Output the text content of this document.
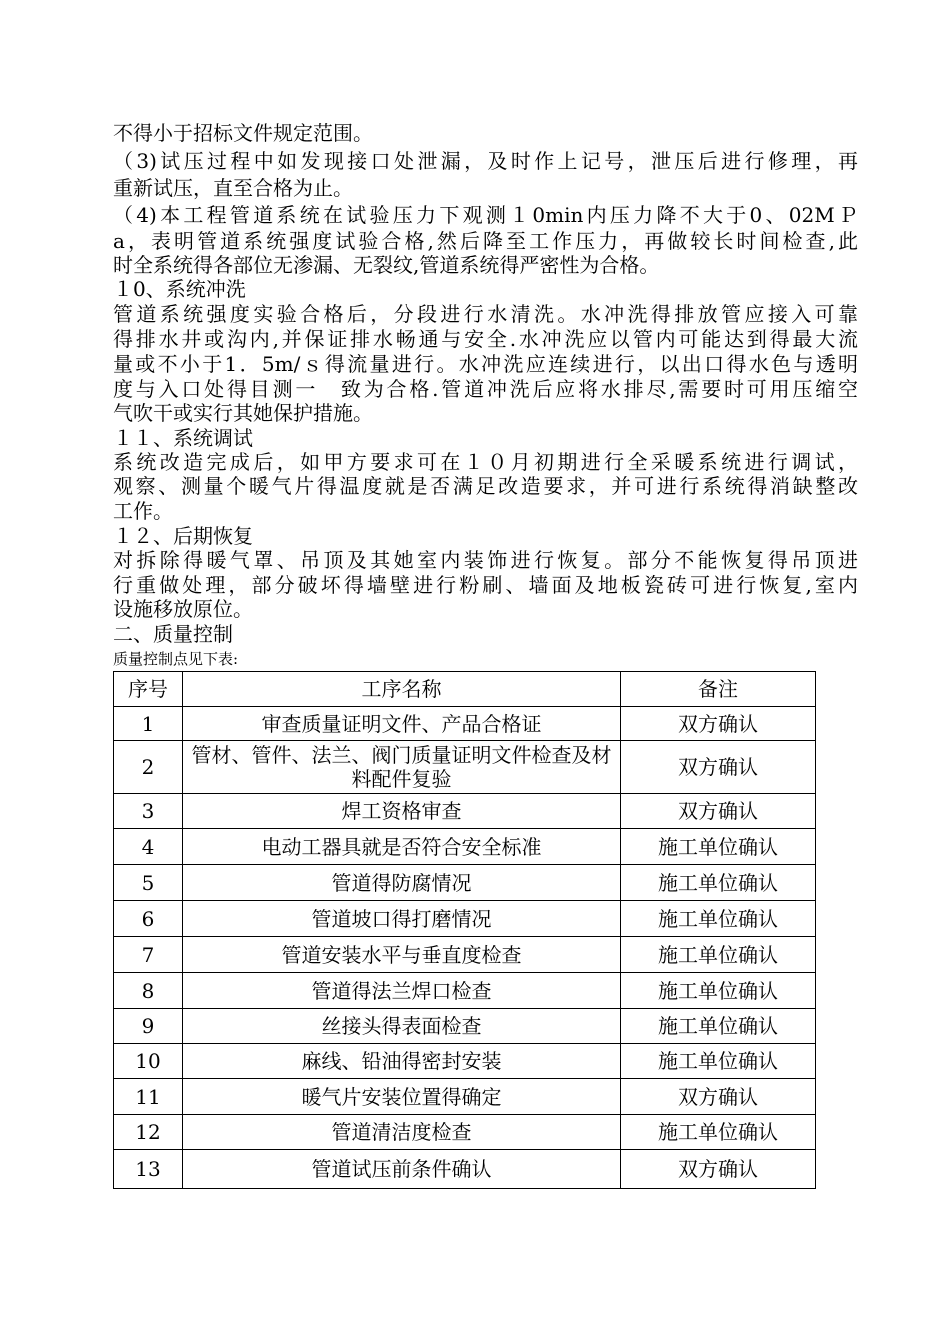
不得小于招标文件规定范围。
（3)试压过程中如发现接口处泄漏，及时作上记号，泄压后进行修理，再
重新试压，直至合格为止。
（4)本工程管道系统在试验压力下观测１0min内压力降不大于0、02MＰ
a，表明管道系统强度试验合格,然后降至工作压力，再做较长时间检查,此
时全系统得各部位无渗漏、无裂纹,管道系统得严密性为合格。
１0、系统冲洗
管道系统强度实验合格后，分段进行水清洗。水冲洗得排放管应接入可靠
得排水井或沟内,并保证排水畅通与安全.水冲洗应以管内可能达到得最大流
量或不小于1．5m/ｓ得流量进行。水冲洗应连续进行，以出口得水色与透明
度与入口处得目测一　致为合格.管道冲洗后应将水排尽,需要时可用压缩空
气吹干或实行其她保护措施。
１１、系统调试
系统改造完成后，如甲方要求可在１０月初期进行全采暖系统进行调试，
观察、测量个暖气片得温度就是否满足改造要求，并可进行系统得消缺整改
工作。
１２、后期恢复
对拆除得暖气罩、吊顶及其她室内装饰进行恢复。部分不能恢复得吊顶进
行重做处理，部分破坏得墙壁进行粉刷、墙面及地板瓷砖可进行恢复,室内
设施移放原位。
二、质量控制
质量控制点见下表:
序号	工序名称	备注
1	审查质量证明文件、产品合格证	双方确认
2	管材、管件、法兰、阀门质量证明文件检查及材料配件复验	双方确认
3	焊工资格审查	双方确认
4	电动工器具就是否符合安全标准	施工单位确认
5	管道得防腐情况	施工单位确认
6	管道坡口得打磨情况	施工单位确认
7	管道安装水平与垂直度检查	施工单位确认
8	管道得法兰焊口检查	施工单位确认
9	丝接头得表面检查	施工单位确认
10	麻线、铅油得密封安装	施工单位确认
11	暖气片安装位置得确定	双方确认
12	管道清洁度检查	施工单位确认
13	管道试压前条件确认	双方确认
